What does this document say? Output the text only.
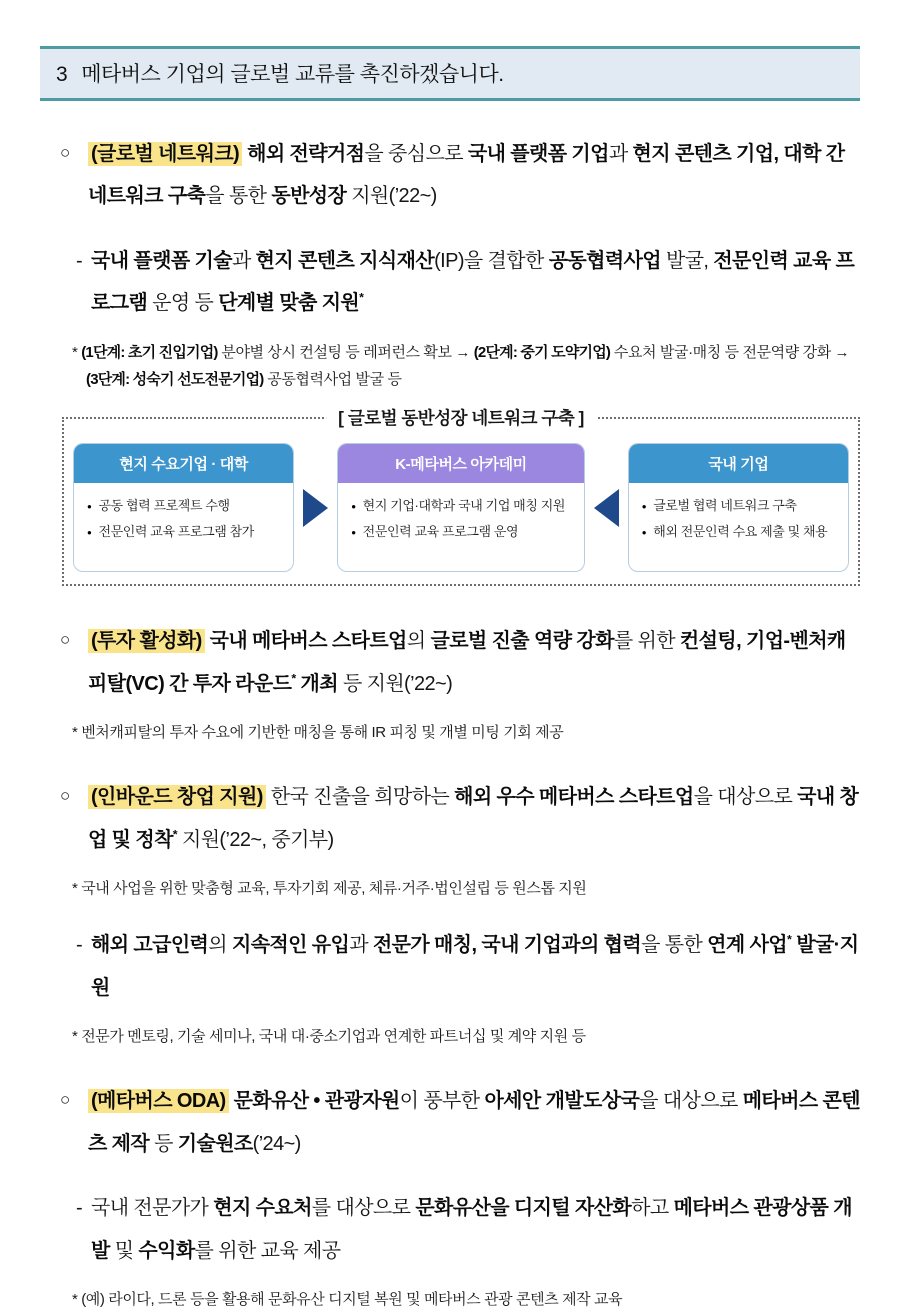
3 메타버스 기업의 글로벌 교류를 촉진하겠습니다.
○	(글로벌 네트워크) 해외 전략거점을 중심으로 국내 플랫폼 기업과 현지 콘텐츠 기업, 대학 간 네트워크 구축을 통한 동반성장 지원(’22~)
- 국내 플랫폼 기술과 현지 콘텐츠 지식재산(IP)을 결합한 공동협력사업 발굴, 전문인력 교육 프로그램 운영 등 단계별 맞춤 지원*
* (1단계: 초기 진입기업) 분야별 상시 컨설팅 등 레퍼런스 확보 → (2단계: 중기 도약기업) 수요처 발굴·매칭 등 전문역량 강화 → (3단계: 성숙기 선도전문기업) 공동협력사업 발굴 등
[ 글로벌 동반성장 네트워크 구축 ]
현지 수요기업 · 대학
● 공동 협력 프로젝트 수행
● 전문인력 교육 프로그램 참가
K-메타버스 아카데미
● 현지 기업·대학과 국내 기업 매칭 지원
● 전문인력 교육 프로그램 운영
국내 기업
● 글로벌 협력 네트워크 구축
● 해외 전문인력 수요 제출 및 채용
○	(투자 활성화) 국내 메타버스 스타트업의 글로벌 진출 역량 강화를 위한 컨설팅, 기업-벤처캐피탈(VC) 간 투자 라운드* 개최 등 지원(’22~)
* 벤처캐피탈의 투자 수요에 기반한 매칭을 통해 IR 피칭 및 개별 미팅 기회 제공
○	(인바운드 창업 지원) 한국 진출을 희망하는 해외 우수 메타버스 스타트업을 대상으로 국내 창업 및 정착* 지원(’22~, 중기부)
* 국내 사업을 위한 맞춤형 교육, 투자기회 제공, 체류·거주·법인설립 등 원스톱 지원
- 해외 고급인력의 지속적인 유입과 전문가 매칭, 국내 기업과의 협력을 통한 연계 사업* 발굴·지원
* 전문가 멘토링, 기술 세미나, 국내 대·중소기업과 연계한 파트너십 및 계약 지원 등
○	(메타버스 ODA) 문화유산 • 관광자원이 풍부한 아세안 개발도상국을 대상으로 메타버스 콘텐츠 제작 등 기술원조(’24~)
- 국내 전문가가 현지 수요처를 대상으로 문화유산을 디지털 자산화하고 메타버스 관광상품 개발 및 수익화를 위한 교육 제공
* (예) 라이다, 드론 등을 활용해 문화유산 디지털 복원 및 메타버스 관광 콘텐츠 제작 교육
